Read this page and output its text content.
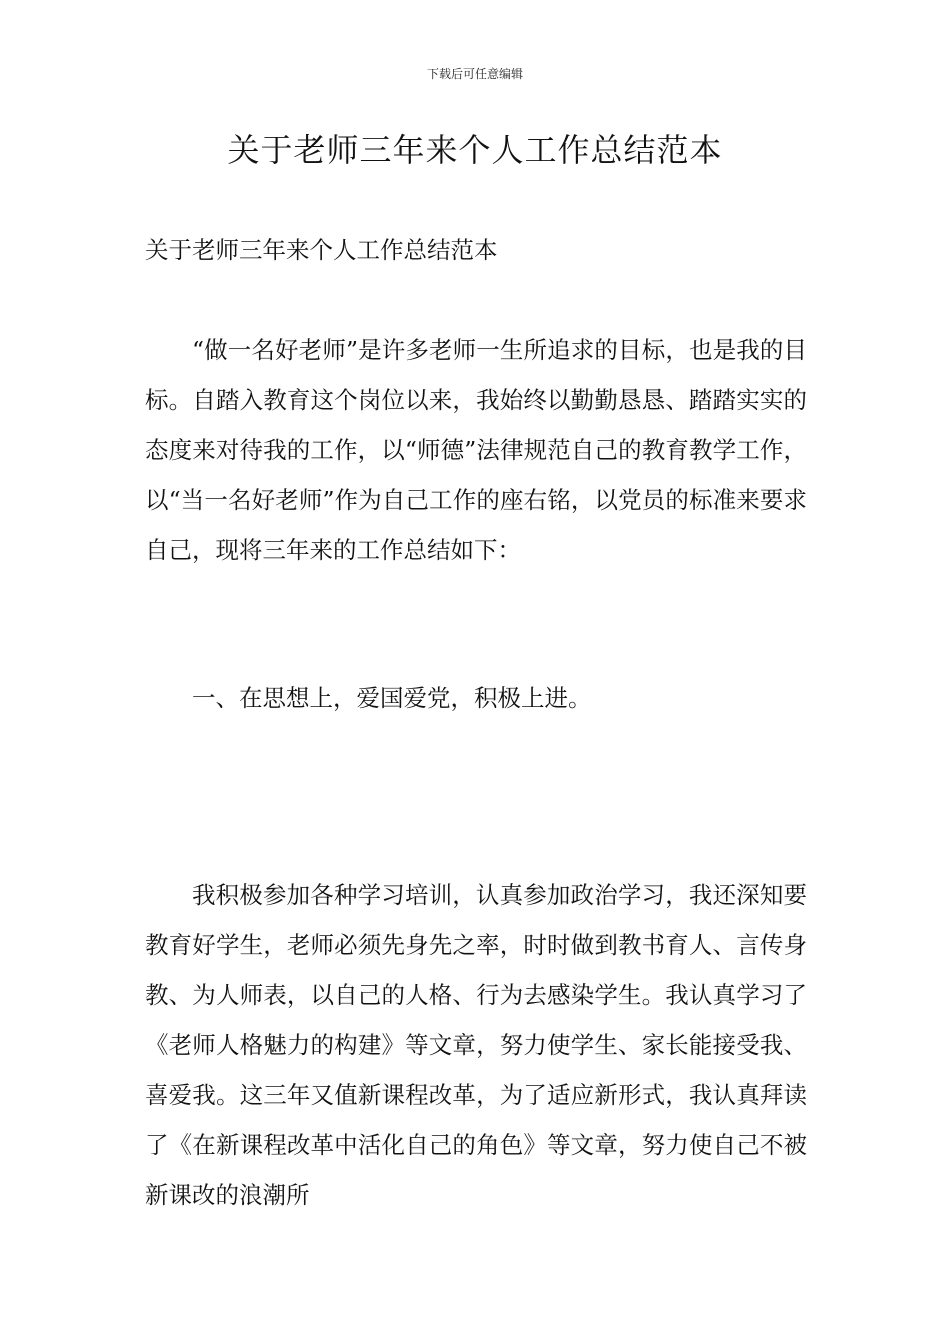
下载后可任意编辑
关于老师三年来个人工作总结范本

关于老师三年来个人工作总结范本

“做一名好老师”是许多老师一生所追求的目标，也是我的目标。自踏入教育这个岗位以来，我始终以勤勤恳恳、踏踏实实的态度来对待我的工作，以“师德”法律规范自己的教育教学工作，以“当一名好老师”作为自己工作的座右铭，以党员的标准来要求自己，现将三年来的工作总结如下：

一、在思想上，爱国爱党，积极上进。

我积极参加各种学习培训，认真参加政治学习，我还深知要教育好学生，老师必须先身先之率，时时做到教书育人、言传身教、为人师表，以自己的人格、行为去感染学生。我认真学习了《老师人格魅力的构建》等文章，努力使学生、家长能接受我、喜爱我。这三年又值新课程改革，为了适应新形式，我认真拜读了《在新课程改革中活化自己的角色》等文章，努力使自己不被新课改的浪潮所
